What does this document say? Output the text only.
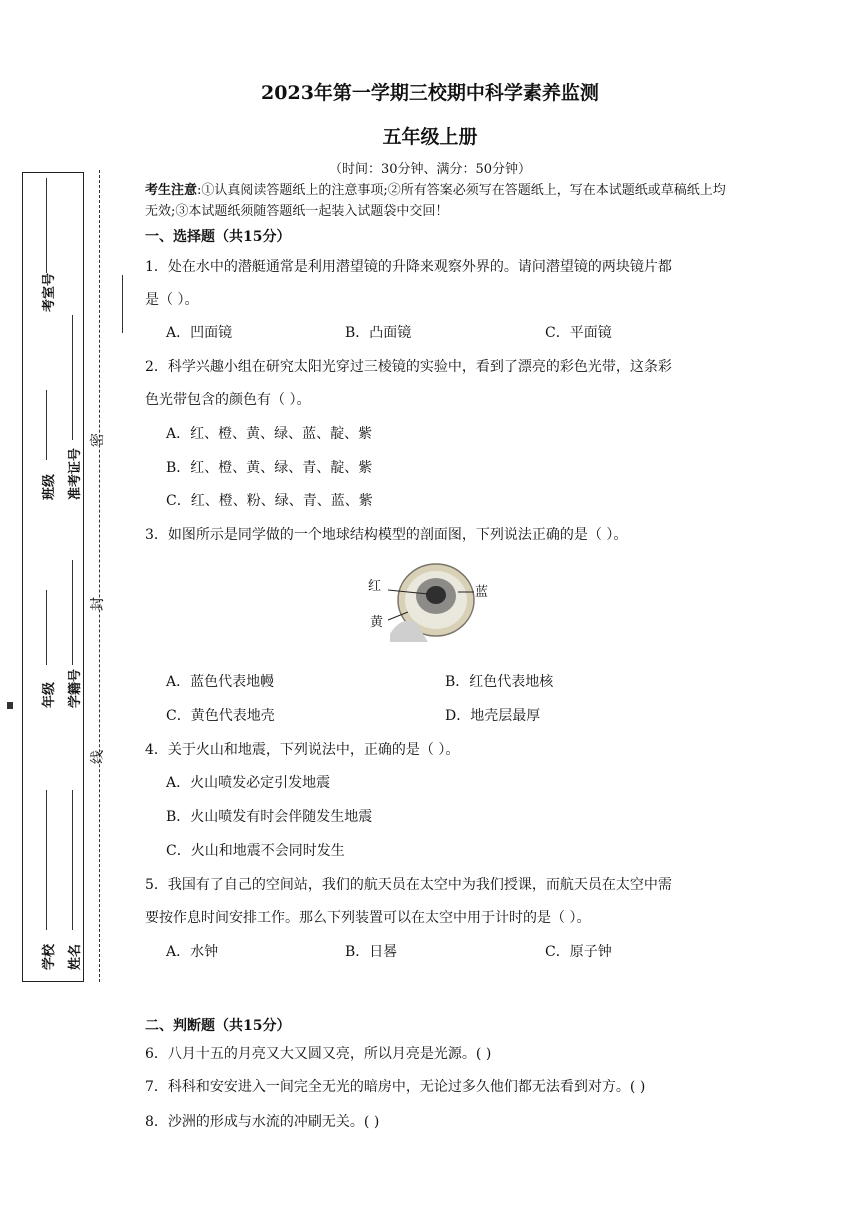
考室号
班级 准考证号
年级 学籍号
学校 姓名
密
封
线
2023年第一学期三校期中科学素养监测
五年级上册
（时间：30分钟、满分：50分钟）
考生注意:①认真阅读答题纸上的注意事项;②所有答案必须写在答题纸上，写在本试题纸或草稿纸上均无效;③本试题纸须随答题纸一起装入试题袋中交回！
一、选择题（共15分）
1．处在水中的潜艇通常是利用潜望镜的升降来观察外界的。请问潜望镜的两块镜片都
是（ ）。
A．凹面镜	B．凸面镜	C．平面镜
2．科学兴趣小组在研究太阳光穿过三棱镜的实验中，看到了漂亮的彩色光带，这条彩
色光带包含的颜色有（ ）。
A．红、橙、黄、绿、蓝、靛、紫
B．红、橙、黄、绿、青、靛、紫
C．红、橙、粉、绿、青、蓝、紫
3．如图所示是同学做的一个地球结构模型的剖面图，下列说法正确的是（ ）。
红	蓝
黄
A．蓝色代表地幔	B．红色代表地核
C．黄色代表地壳	D．地壳层最厚
4．关于火山和地震，下列说法中，正确的是（ ）。
A．火山喷发必定引发地震
B．火山喷发有时会伴随发生地震
C．火山和地震不会同时发生
5．我国有了自己的空间站，我们的航天员在太空中为我们授课，而航天员在太空中需
要按作息时间安排工作。那么下列装置可以在太空中用于计时的是（ ）。
A．水钟	B．日晷	C．原子钟
二、判断题（共15分）
6．八月十五的月亮又大又圆又亮，所以月亮是光源。( )
7．科科和安安进入一间完全无光的暗房中，无论过多久他们都无法看到对方。( )
8．沙洲的形成与水流的冲刷无关。( )
